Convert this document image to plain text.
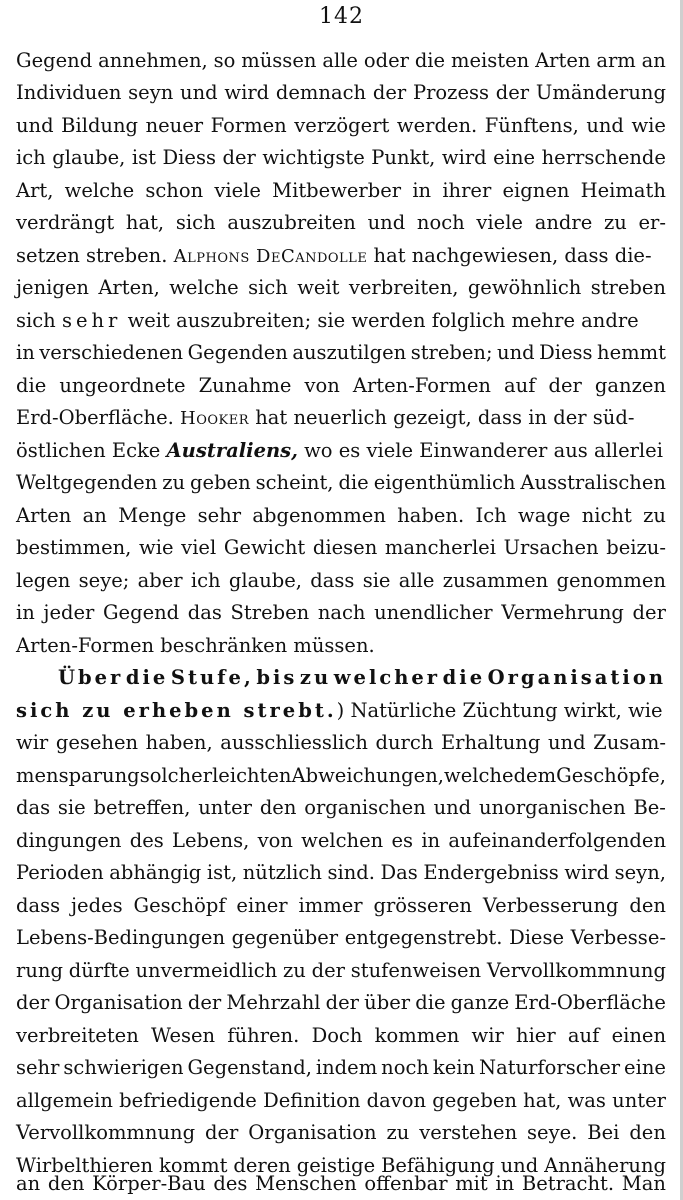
142
Gegend annehmen, so müssen alle oder die meisten Arten arm an
Individuen seyn und wird demnach der Prozess der Umänderung
und Bildung neuer Formen verzögert werden. Fünftens, und wie
ich glaube, ist Diess der wichtigste Punkt, wird eine herrschende
Art, welche schon viele Mitbewerber in ihrer eignen Heimath
verdrängt hat, sich auszubreiten und noch viele andre zu er-
setzen streben. Alphons DeCandolle hat nachgewiesen, dass die-
jenigen Arten, welche sich weit verbreiten, gewöhnlich streben
sich sehr weit auszubreiten; sie werden folglich mehre andre
in verschiedenen Gegenden auszutilgen streben; und Diess hemmt
die ungeordnete Zunahme von Arten-Formen auf der ganzen
Erd-Oberfläche. Hooker hat neuerlich gezeigt, dass in der süd-
östlichen Ecke Australiens, wo es viele Einwanderer aus allerlei
Weltgegenden zu geben scheint, die eigenthümlich Ausstralischen
Arten an Menge sehr abgenommen haben. Ich wage nicht zu
bestimmen, wie viel Gewicht diesen mancherlei Ursachen beizu-
legen seye; aber ich glaube, dass sie alle zusammen genommen
in jeder Gegend das Streben nach unendlicher Vermehrung der
Arten-Formen beschränken müssen.
Über die Stufe, bis zu welcher die Organisation
sich zu erheben strebt.) Natürliche Züchtung wirkt, wie
wir gesehen haben, ausschliesslich durch Erhaltung und Zusam-
mensparung solcher leichten Abweichungen, welche dem Geschöpfe,
das sie betreffen, unter den organischen und unorganischen Be-
dingungen des Lebens, von welchen es in aufeinanderfolgenden
Perioden abhängig ist, nützlich sind. Das Endergebniss wird seyn,
dass jedes Geschöpf einer immer grösseren Verbesserung den
Lebens-Bedingungen gegenüber entgegenstrebt. Diese Verbesse-
rung dürfte unvermeidlich zu der stufenweisen Vervollkommnung
der Organisation der Mehrzahl der über die ganze Erd-Oberfläche
verbreiteten Wesen führen. Doch kommen wir hier auf einen
sehr schwierigen Gegenstand, indem noch kein Naturforscher eine
allgemein befriedigende Definition davon gegeben hat, was unter
Vervollkommnung der Organisation zu verstehen seye. Bei den
Wirbelthieren kommt deren geistige Befähigung und Annäherung
an den Körper-Bau des Menschen offenbar mit in Betracht. Man
